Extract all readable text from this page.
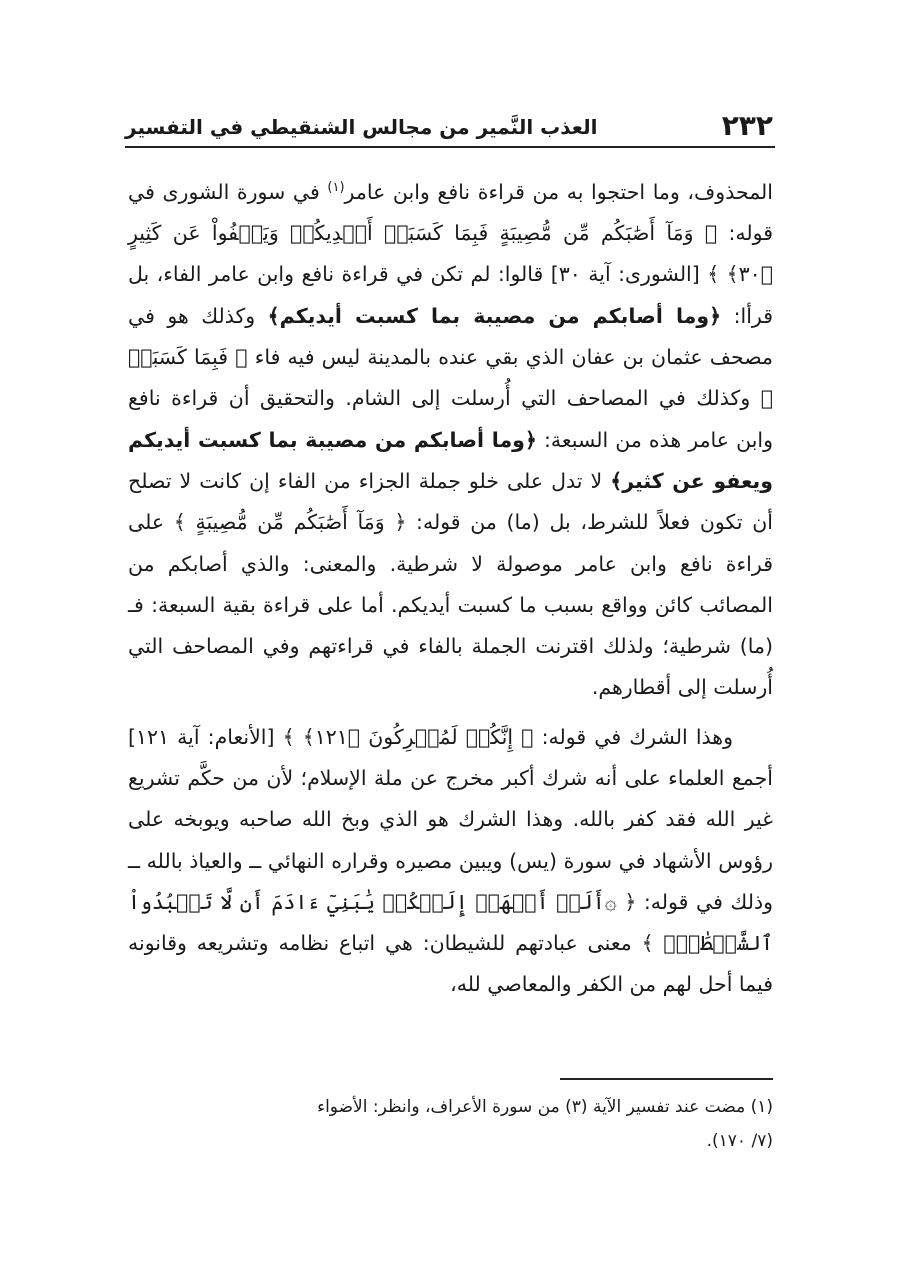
٢٣٢
العذب النَّمير من مجالس الشنقيطي في التفسير

المحذوف، وما احتجوا به من قراءة نافع وابن عامر$^{(١)}$ في سورة الشورى في قوله: ﴿ وَمَآ أَصَٰبَكُم مِّن مُّصِيبَةٍ فَبِمَا كَسَبَتۡ أَيۡدِيكُمۡ وَيَعۡفُواْ عَن كَثِيرٍ ﴿٣٠﴾ ﴾ [الشورى: آية ٣٠] قالوا: لم تكن في قراءة نافع وابن عامر الفاء، بل قرأا: ﴿وما أصابكم من مصيبة بما كسبت أيديكم﴾ وكذلك هو في مصحف عثمان بن عفان الذي بقي عنده بالمدينة ليس فيه فاء ﴿ فَبِمَا كَسَبَتۡ ﴾ وكذلك في المصاحف التي أُرسلت إلى الشام. والتحقيق أن قراءة نافع وابن عامر هذه من السبعة: ﴿وما أصابكم من مصيبة بما كسبت أيديكم ويعفو عن كثير﴾ لا تدل على خلو جملة الجزاء من الفاء إن كانت لا تصلح أن تكون فعلاً للشرط، بل (ما) من قوله: ﴿ وَمَآ أَصَٰبَكُم مِّن مُّصِيبَةٍ ﴾ على قراءة نافع وابن عامر موصولة لا شرطية. والمعنى: والذي أصابكم من المصائب كائن وواقع بسبب ما كسبت أيديكم. أما على قراءة بقية السبعة: فـ (ما) شرطية؛ ولذلك اقترنت الجملة بالفاء في قراءتهم وفي المصاحف التي أُرسلت إلى أقطارهم.

وهذا الشرك في قوله: ﴿ إِنَّكُمۡ لَمُشۡرِكُونَ ﴿١٢١﴾ ﴾ [الأنعام: آية ١٢١] أجمع العلماء على أنه شرك أكبر مخرج عن ملة الإسلام؛ لأن من حكَّم تشريع غير الله فقد كفر بالله. وهذا الشرك هو الذي وبخ الله صاحبه ويوبخه على رؤوس الأشهاد في سورة (يس) ويبين مصيره وقراره النهائي ــ والعياذ بالله ــ وذلك في قوله: ﴿ ۞أَلَمۡ أَعۡهَدۡ إِلَيۡكُمۡ يَٰبَنِيٓ ءَادَمَ أَن لَّا تَعۡبُدُواْ ٱلشَّيۡطَٰنَۖ ﴾ معنى عبادتهم للشيطان: هي اتباع نظامه وتشريعه وقانونه فيما أحل لهم من الكفر والمعاصي لله،

(١) مضت عند تفسير الآية (٣) من سورة الأعراف، وانظر: الأضواء

(٧/ ١٧٠).
